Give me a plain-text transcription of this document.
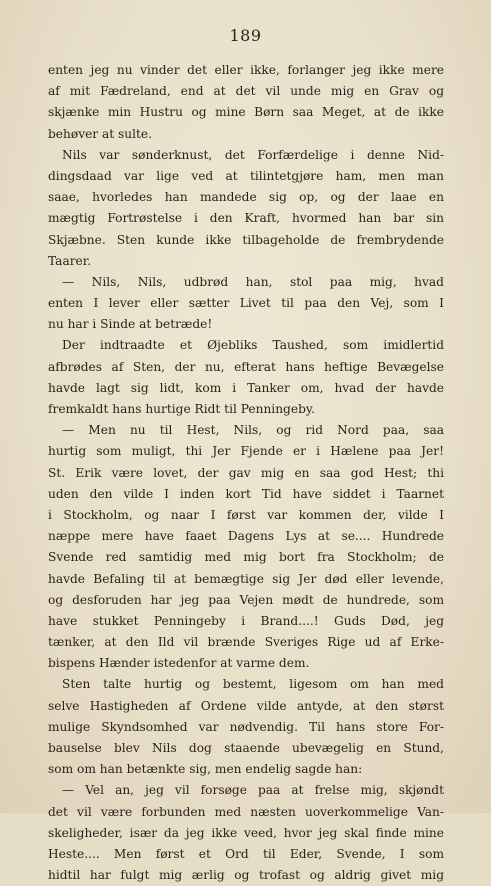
189
enten jeg nu vinder det eller ikke, forlanger jeg ikke mere
af mit Fædreland, end at det vil unde mig en Grav og
skjænke min Hustru og mine Børn saa Meget, at de ikke
behøver at sulte.
Nils var sønderknust, det Forfærdelige i denne Nid-
dingsdaad var lige ved at tilintetgjøre ham, men man
saae, hvorledes han mandede sig op, og der laae en
mægtig Fortrøstelse i den Kraft, hvormed han bar sin
Skjæbne. Sten kunde ikke tilbageholde de frembrydende
Taarer.
— Nils, Nils, udbrød han, stol paa mig, hvad
enten I lever eller sætter Livet til paa den Vej, som I
nu har i Sinde at betræde!
Der indtraadte et Øjebliks Taushed, som imidlertid
afbrødes af Sten, der nu, efterat hans heftige Bevægelse
havde lagt sig lidt, kom i Tanker om, hvad der havde
fremkaldt hans hurtige Ridt til Penningeby.
— Men nu til Hest, Nils, og rid Nord paa, saa
hurtig som muligt, thi Jer Fjende er i Hælene paa Jer!
St. Erik være lovet, der gav mig en saa god Hest; thi
uden den vilde I inden kort Tid have siddet i Taarnet
i Stockholm, og naar I først var kommen der, vilde I
næppe mere have faaet Dagens Lys at se.... Hundrede
Svende red samtidig med mig bort fra Stockholm; de
havde Befaling til at bemægtige sig Jer død eller levende,
og desforuden har jeg paa Vejen mødt de hundrede, som
have stukket Penningeby i Brand....! Guds Død, jeg
tænker, at den Ild vil brænde Sveriges Rige ud af Erke-
bispens Hænder istedenfor at varme dem.
Sten talte hurtig og bestemt, ligesom om han med
selve Hastigheden af Ordene vilde antyde, at den størst
mulige Skyndsomhed var nødvendig. Til hans store For-
bauselse blev Nils dog staaende ubevægelig en Stund,
som om han betænkte sig, men endelig sagde han:
— Vel an, jeg vil forsøge paa at frelse mig, skjøndt
det vil være forbunden med næsten uoverkommelige Van-
skeligheder, især da jeg ikke veed, hvor jeg skal finde mine
Heste.... Men først et Ord til Eder, Svende, I som
hidtil har fulgt mig ærlig og trofast og aldrig givet mig
